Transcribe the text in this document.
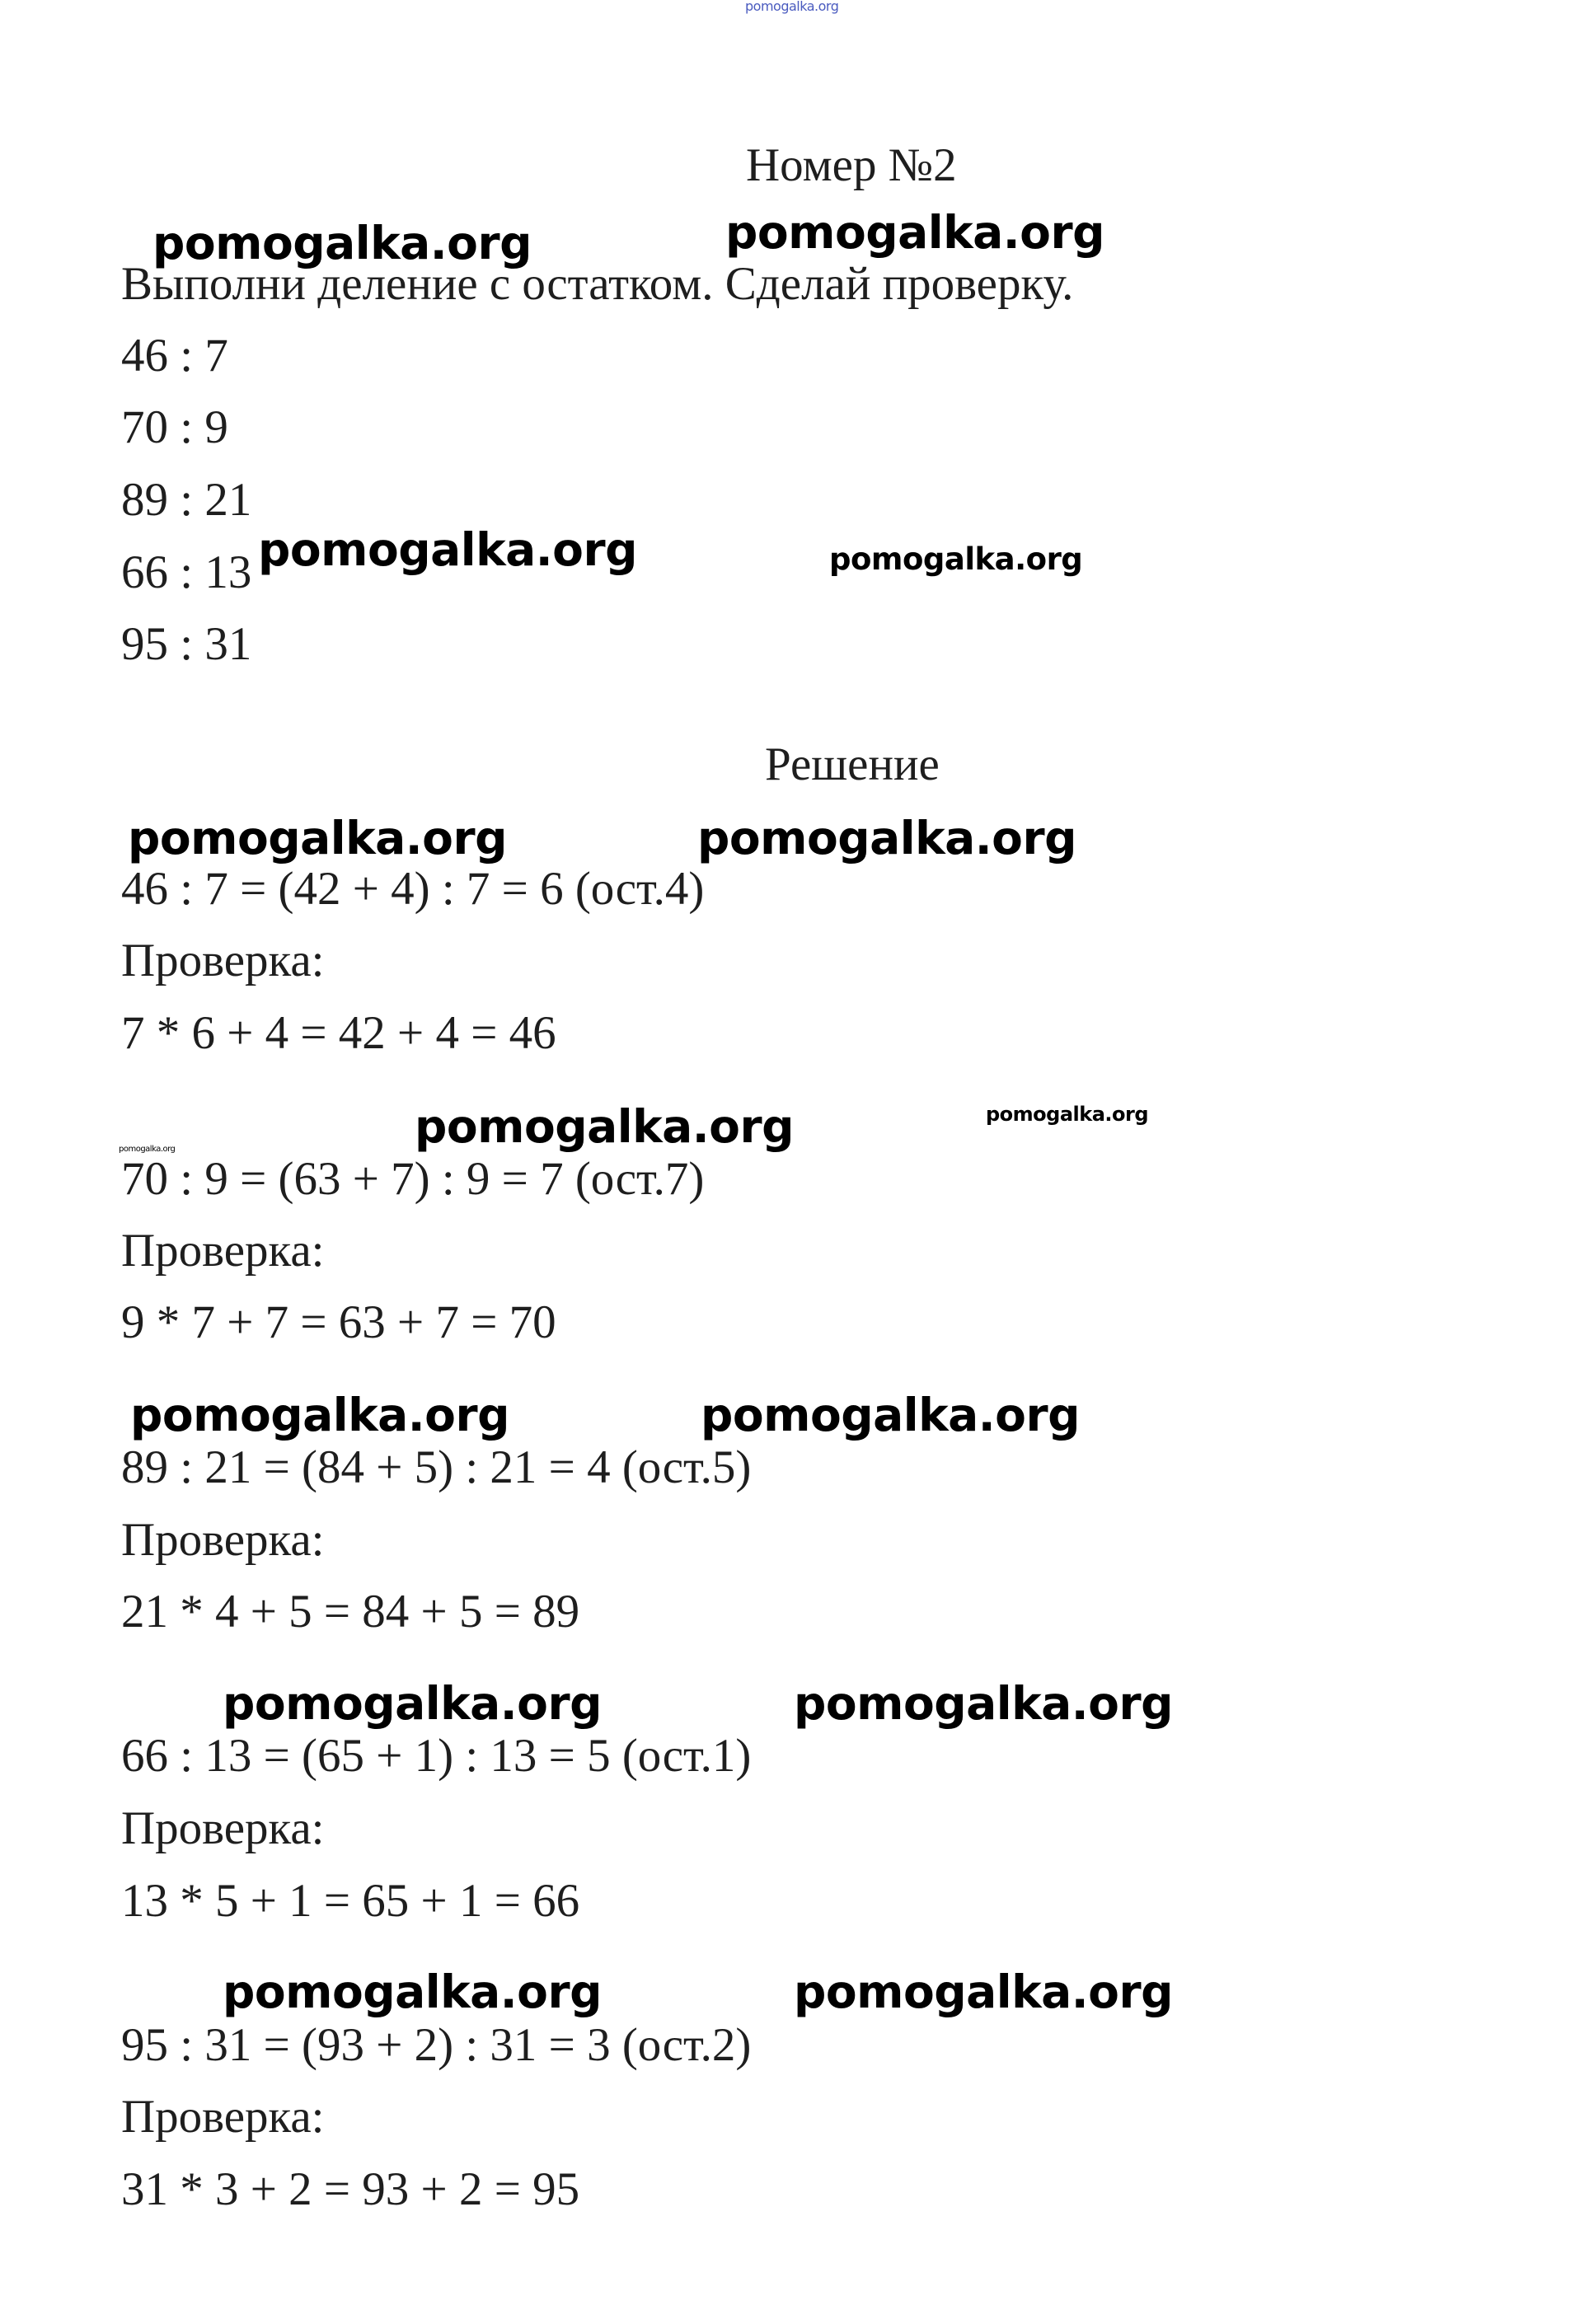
pomogalka.org
Номер №2
pomogalka.org	pomogalka.org
Выполни деление с остатком. Сделай проверку.
46 : 7
70 : 9
89 : 21
66 : 13
95 : 31
pomogalka.org	pomogalka.org
Решение
pomogalka.org	pomogalka.org
46 : 7 = (42 + 4) : 7 = 6 (ост.4)
Проверка:
7 * 6 + 4 = 42 + 4 = 46
pomogalka.org	pomogalka.org	pomogalka.org
70 : 9 = (63 + 7) : 9 = 7 (ост.7)
Проверка:
9 * 7 + 7 = 63 + 7 = 70
pomogalka.org	pomogalka.org
89 : 21 = (84 + 5) : 21 = 4 (ост.5)
Проверка:
21 * 4 + 5 = 84 + 5 = 89
pomogalka.org	pomogalka.org
66 : 13 = (65 + 1) : 13 = 5 (ост.1)
Проверка:
13 * 5 + 1 = 65 + 1 = 66
pomogalka.org	pomogalka.org
95 : 31 = (93 + 2) : 31 = 3 (ост.2)
Проверка:
31 * 3 + 2 = 93 + 2 = 95
